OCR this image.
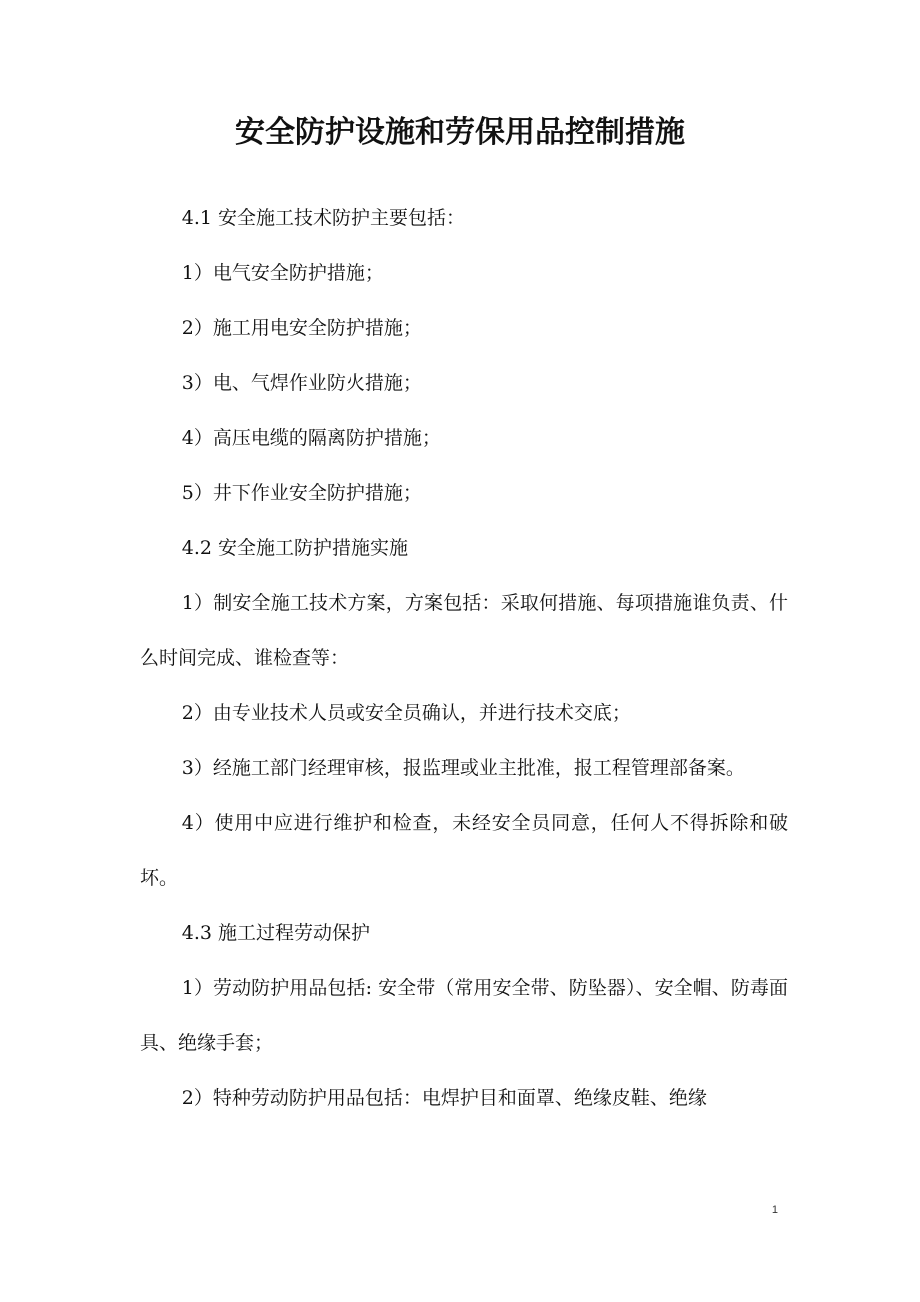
安全防护设施和劳保用品控制措施

4.1 安全施工技术防护主要包括：

1）电气安全防护措施；

2）施工用电安全防护措施；

3）电、气焊作业防火措施；

4）高压电缆的隔离防护措施；

5）井下作业安全防护措施；

4.2 安全施工防护措施实施

1）制安全施工技术方案，方案包括：采取何措施、每项措施谁负责、什么时间完成、谁检查等：

2）由专业技术人员或安全员确认，并进行技术交底；

3）经施工部门经理审核，报监理或业主批准，报工程管理部备案。

4）使用中应进行维护和检查，未经安全员同意，任何人不得拆除和破坏。

4.3 施工过程劳动保护

1）劳动防护用品包括: 安全带（常用安全带、防坠器）、安全帽、防毒面具、绝缘手套；

2）特种劳动防护用品包括：电焊护目和面罩、绝缘皮鞋、绝缘

1
